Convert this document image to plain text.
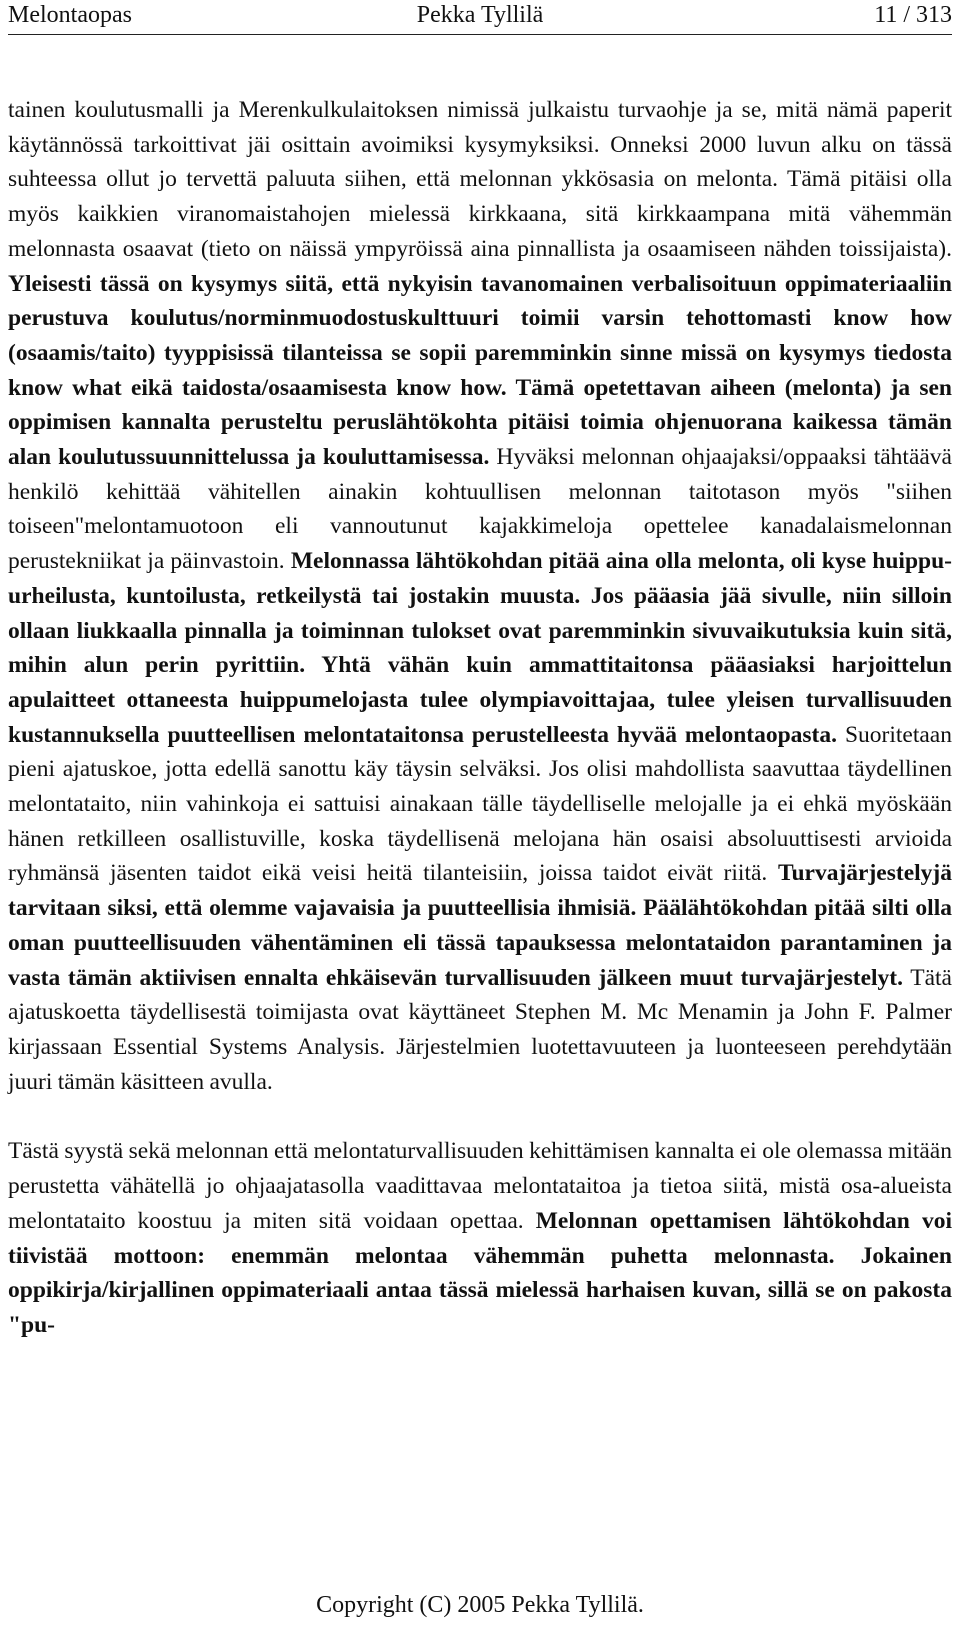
Melontaopas	Pekka Tyllilä	11 / 313

tainen koulutusmalli ja Merenkulkulaitoksen nimissä julkaistu turvaohje ja se, mitä nämä paperit käytännössä tarkoittivat jäi osittain avoimiksi kysymyksiksi. Onneksi 2000 luvun alku on tässä suhteessa ollut jo tervettä paluuta siihen, että melonnan ykkösasia on melonta. Tämä pitäisi olla myös kaikkien viranomaistahojen mielessä kirkkaana, sitä kirkkaampana mitä vähemmän melonnasta osaavat (tieto on näissä ympyröissä aina pinnallista ja osaamiseen nähden toissijaista). Yleisesti tässä on kysymys siitä, että nykyisin tavanomainen verbalisoituun oppimateriaaliin perustuva koulutus/norminmuodostuskulttuuri toimii varsin tehottomasti know how (osaamis/taito) tyyppisissä tilanteissa se sopii paremminkin sinne missä on kysymys tiedosta know what eikä taidosta/osaamisesta know how. Tämä opetettavan aiheen (melonta) ja sen oppimisen kannalta perusteltu peruslähtökohta pitäisi toimia ohjenuorana kaikessa tämän alan koulutussuunnittelussa ja kouluttamisessa. Hyväksi melonnan ohjaajaksi/oppaaksi tähtäävä henkilö kehittää vähitellen ainakin kohtuullisen melonnan taitotason myös "siihen toiseen"melontamuotoon eli vannoutunut kajakkimeloja opettelee kanadalaismelonnan perustekniikat ja päinvastoin. Melonnassa lähtökohdan pitää aina olla melonta, oli kyse huippu-urheilusta, kuntoilusta, retkeilystä tai jostakin muusta. Jos pääasia jää sivulle, niin silloin ollaan liukkaalla pinnalla ja toiminnan tulokset ovat paremminkin sivuvaikutuksia kuin sitä, mihin alun perin pyrittiin. Yhtä vähän kuin ammattitaitonsa pääasiaksi harjoittelun apulaitteet ottaneesta huippumelojasta tulee olympiavoittajaa, tulee yleisen turvallisuuden kustannuksella puutteellisen melontataitonsa perustelleesta hyvää melontaopasta. Suoritetaan pieni ajatuskoe, jotta edellä sanottu käy täysin selväksi. Jos olisi mahdollista saavuttaa täydellinen melontataito, niin vahinkoja ei sattuisi ainakaan tälle täydelliselle melojalle ja ei ehkä myöskään hänen retkilleen osallistuville, koska täydellisenä melojana hän osaisi absoluuttisesti arvioida ryhmänsä jäsenten taidot eikä veisi heitä tilanteisiin, joissa taidot eivät riitä. Turvajärjestelyjä tarvitaan siksi, että olemme vajavaisia ja puutteellisia ihmisiä. Päälähtökohdan pitää silti olla oman puutteellisuuden vähentäminen eli tässä tapauksessa melontataidon parantaminen ja vasta tämän aktiivisen ennalta ehkäisevän turvallisuuden jälkeen muut turvajärjestelyt. Tätä ajatuskoetta täydellisestä toimijasta ovat käyttäneet Stephen M. Mc Menamin ja John F. Palmer kirjassaan Essential Systems Analysis. Järjestelmien luotettavuuteen ja luonteeseen perehdytään juuri tämän käsitteen avulla.

Tästä syystä sekä melonnan että melontaturvallisuuden kehittämisen kannalta ei ole olemassa mitään perustetta vähätellä jo ohjaajatasolla vaadittavaa melontataitoa ja tietoa siitä, mistä osa-alueista melontataito koostuu ja miten sitä voidaan opettaa. Melonnan opettamisen lähtökohdan voi tiivistää mottoon: enemmän melontaa vähemmän puhetta melonnasta. Jokainen oppikirja/kirjallinen oppimateriaali antaa tässä mielessä harhaisen kuvan, sillä se on pakosta "pu-

Copyright (C) 2005 Pekka Tyllilä.
